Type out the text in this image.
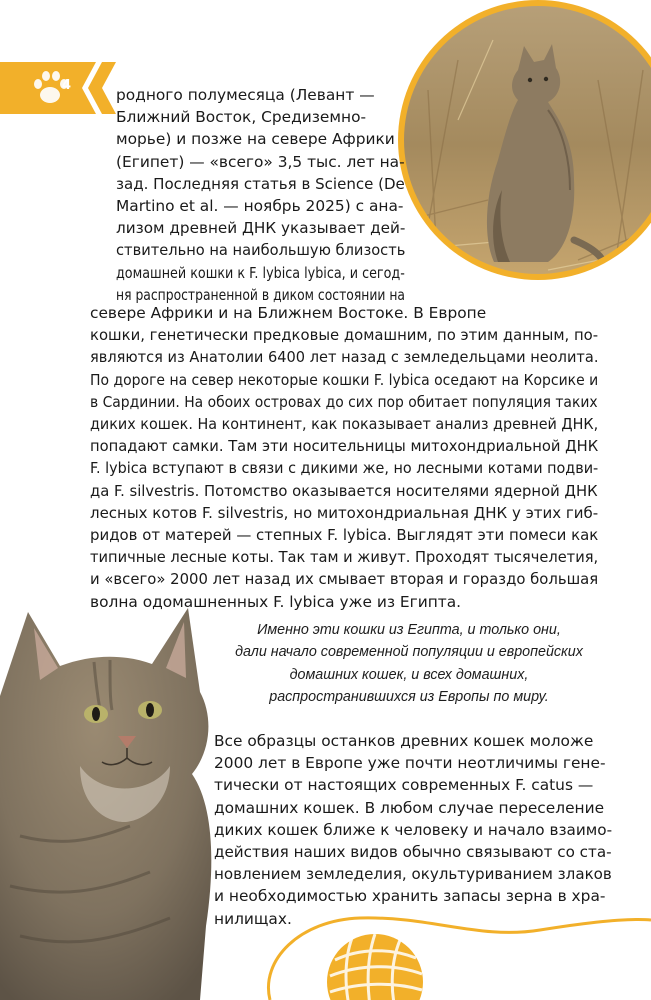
4
родного полумесяца (Левант —
Ближний Восток, Средиземно-
морье) и позже на севере Африки
(Египет) — «всего» 3,5 тыс. лет на-
зад. Последняя статья в Science (De
Martino et al. — ноябрь 2025) с ана-
лизом древней ДНК указывает дей-
ствительно на наибольшую близость
домашней кошки к F. lybica lybica, и сегод-
ня распространенной в диком состоянии на
севере Африки и на Ближнем Востоке. В Европе
кошки, генетически предковые домашним, по этим данным, по-
являются из Анатолии 6400 лет назад с земледельцами неолита.
По дороге на север некоторые кошки F. lybica оседают на Корсике и
в Сардинии. На обоих островах до сих пор обитает популяция таких
диких кошек. На континент, как показывает анализ древней ДНК,
попадают самки. Там эти носительницы митохондриальной ДНК
F. lybica вступают в связи с дикими же, но лесными котами подви-
да F. silvestris. Потомство оказывается носителями ядерной ДНК
лесных котов F. silvestris, но митохондриальная ДНК у этих гиб-
ридов от матерей — степных F. lybica. Выглядят эти помеси как
типичные лесные коты. Так там и живут. Проходят тысячелетия,
и «всего» 2000 лет назад их смывает вторая и гораздо большая
волна одомашненных F. lybica уже из Египта.
Именно эти кошки из Египта, и только они,
дали начало современной популяции и европейских
домашних кошек, и всех домашних,
распространившихся из Европы по миру.
Все образцы останков древних кошек моложе
2000 лет в Европе уже почти неотличимы гене-
тически от настоящих современных F. catus —
домашних кошек. В любом случае переселение
диких кошек ближе к человеку и начало взаимо-
действия наших видов обычно связывают со ста-
новлением земледелия, окультуриванием злаков
и необходимостью хранить запасы зерна в хра-
нилищах.
